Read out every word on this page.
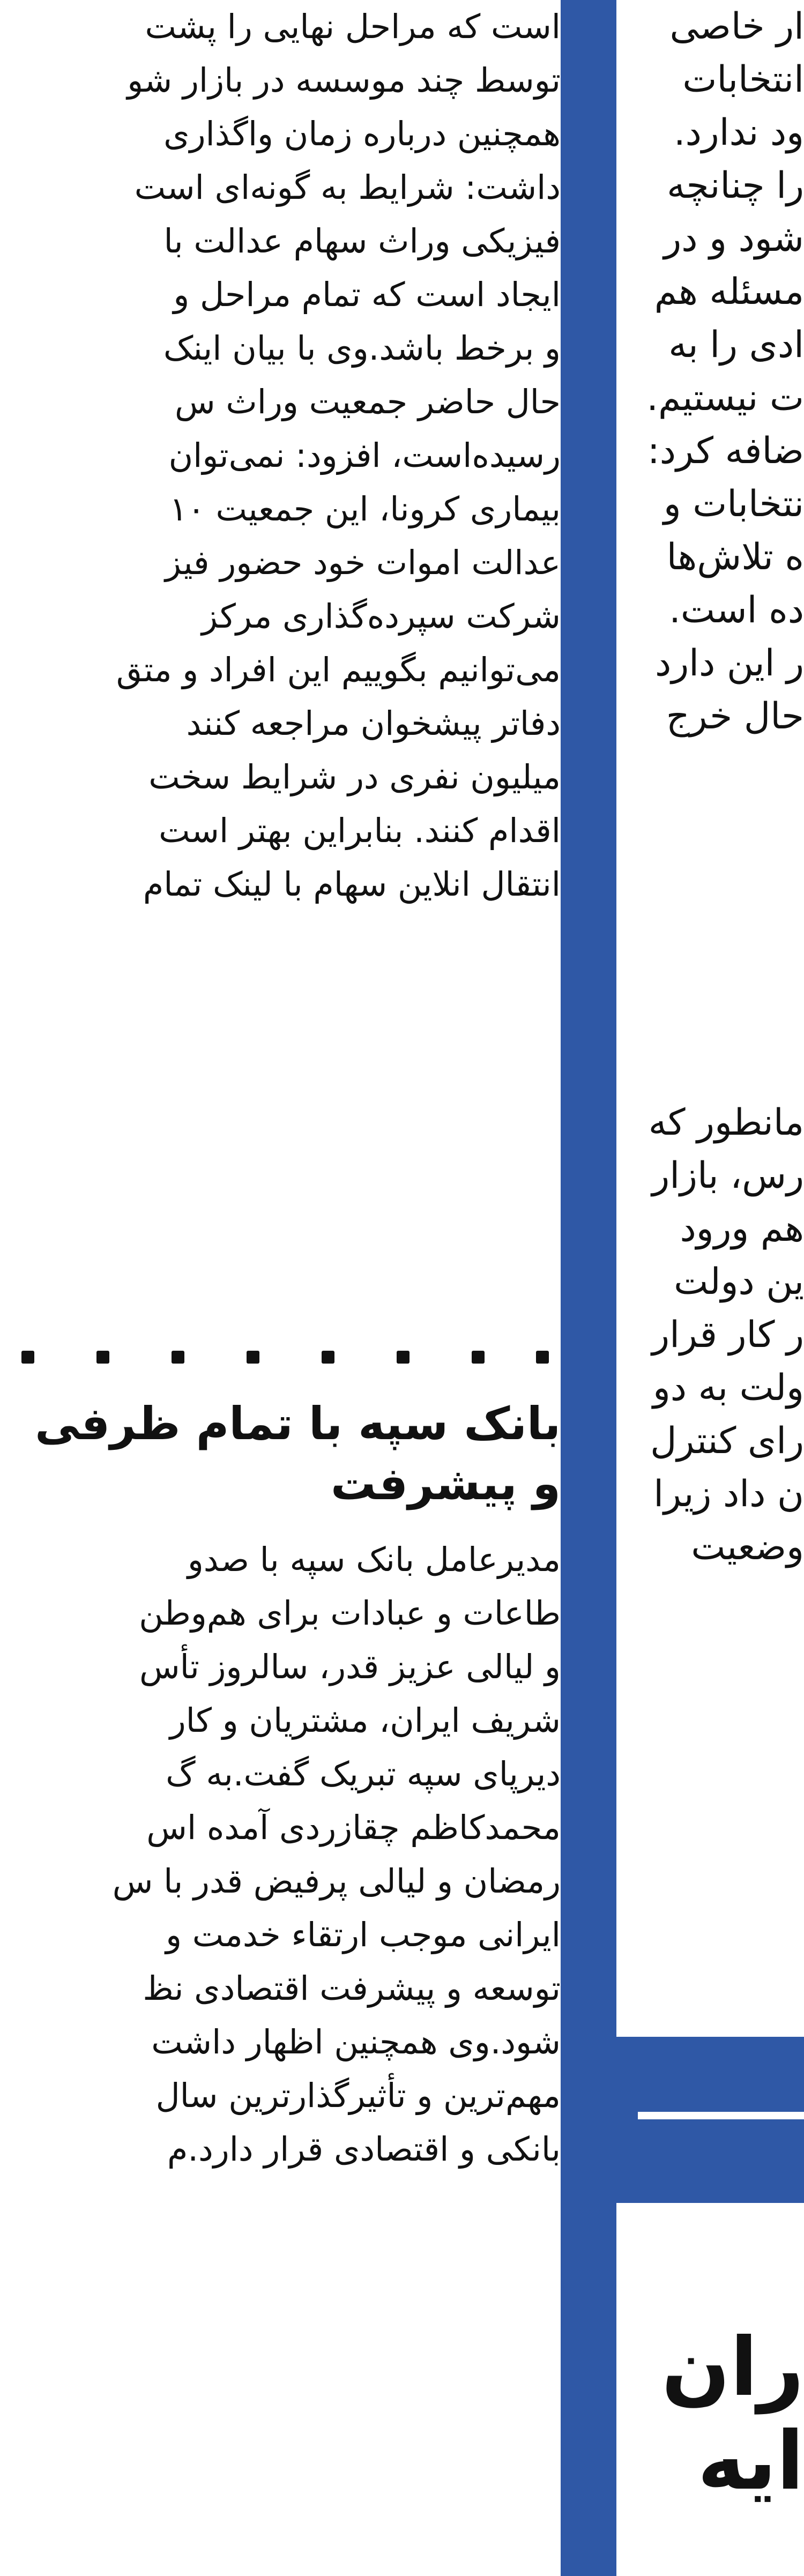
است که مراحل نهایی را پشت

توسط چند موسسه در بازار شو

همچنین درباره زمان واگذاری

داشت: شرایط به گونه‌ای است

فیزیکی وراث سهام عدالت با

ایجاد است که تمام مراحل و

و برخط باشد.وی با بیان اینک

حال حاضر جمعیت وراث س

رسیده‌است، افزود: نمی‌توان

بیماری کرونا، این جمعیت ۱۰

عدالت اموات خود حضور فیز

شرکت سپرده‌گذاری مرکز

می‌توانیم بگوییم این افراد و متق

دفاتر پیشخوان مراجعه کنند

میلیون نفری در شرایط سخت

اقدام کنند. بنابراین بهتر است

انتقال انلاین سهام با لینک تمام

بانک سپه با تمام ظرفی

و پیشرفت

مدیرعامل بانک سپه با صدو

طاعات و عبادات برای هم‌وطن

و لیالی عزیز قدر، سالروز تأس

شریف ایران، مشتریان و کار

دیرپای سپه تبریک گفت.به گ

محمدکاظم چقازردی آمده اس

رمضان و لیالی پرفیض قدر با س

ایرانی موجب ارتقاء خدمت و

توسعه و پیشرفت اقتصادی نظ

شود.وی همچنین اظهار داشت

مهم‌ترین و تأثیرگذارترین سال

بانکی و اقتصادی قرار دارد.م

ار خاصی

انتخابات

ود ندارد.

را چنانچه

شود و در

مسئله هم

ادی را به

ت نیستیم.

ضافه کرد:

نتخابات و

ه تلاش‌ها

ده است.

ر این دارد

حال خرج

مانطور که

رس، بازار

هم ورود

ین دولت

ر کار قرار

ولت به دو

رای کنترل

ن داد زیرا

وضعیت

ران

ایه
